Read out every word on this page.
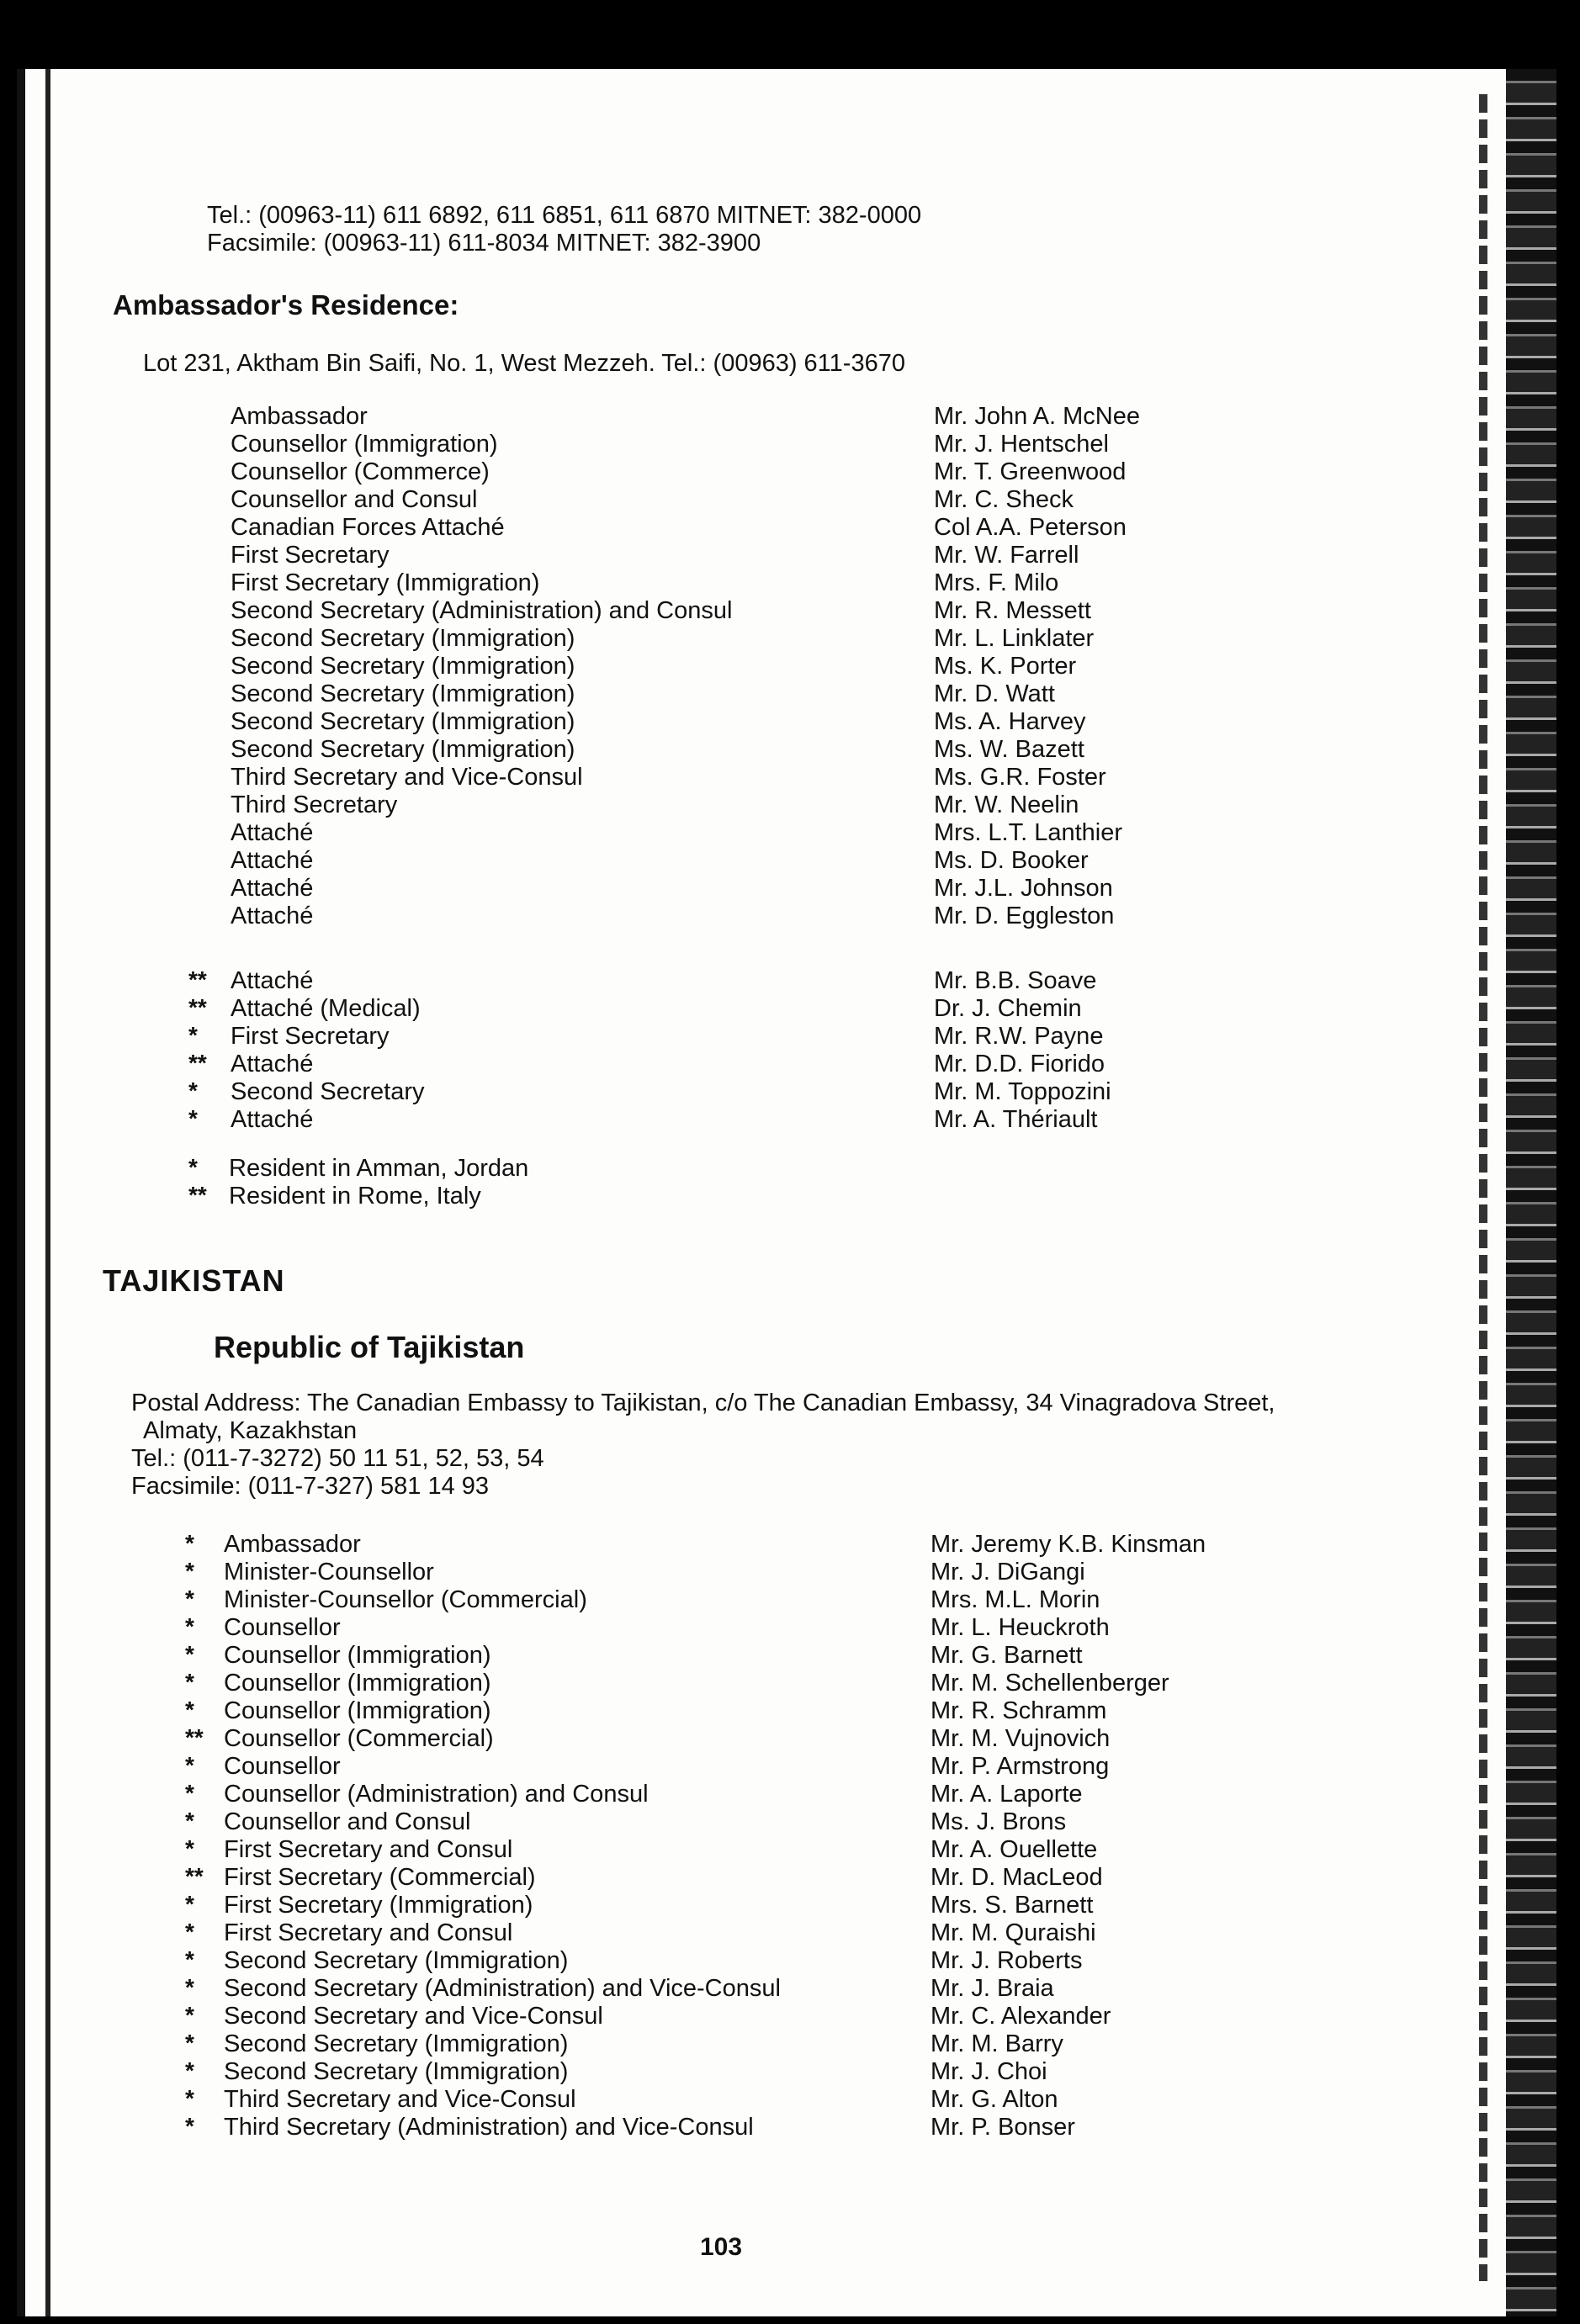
Tel.: (00963-11) 611 6892, 611 6851, 611 6870 MITNET: 382-0000
Facsimile: (00963-11) 611-8034 MITNET: 382-3900
Ambassador's Residence:
Lot 231, Aktham Bin Saifi, No. 1, West Mezzeh. Tel.: (00963) 611-3670
Ambassador	Mr. John A. McNee
Counsellor (Immigration)	Mr. J. Hentschel
Counsellor (Commerce)	Mr. T. Greenwood
Counsellor and Consul	Mr. C. Sheck
Canadian Forces Attaché	Col A.A. Peterson
First Secretary	Mr. W. Farrell
First Secretary (Immigration)	Mrs. F. Milo
Second Secretary (Administration) and Consul	Mr. R. Messett
Second Secretary (Immigration)	Mr. L. Linklater
Second Secretary (Immigration)	Ms. K. Porter
Second Secretary (Immigration)	Mr. D. Watt
Second Secretary (Immigration)	Ms. A. Harvey
Second Secretary (Immigration)	Ms. W. Bazett
Third Secretary and Vice-Consul	Ms. G.R. Foster
Third Secretary	Mr. W. Neelin
Attaché	Mrs. L.T. Lanthier
Attaché	Ms. D. Booker
Attaché	Mr. J.L. Johnson
Attaché	Mr. D. Eggleston
** Attaché	Mr. B.B. Soave
** Attaché (Medical)	Dr. J. Chemin
* First Secretary	Mr. R.W. Payne
** Attaché	Mr. D.D. Fiorido
* Second Secretary	Mr. M. Toppozini
* Attaché	Mr. A. Thériault
* Resident in Amman, Jordan
** Resident in Rome, Italy
TAJIKISTAN
Republic of Tajikistan
Postal Address: The Canadian Embassy to Tajikistan, c/o The Canadian Embassy, 34 Vinagradova Street,
Almaty, Kazakhstan
Tel.: (011-7-3272) 50 11 51, 52, 53, 54
Facsimile: (011-7-327) 581 14 93
* Ambassador	Mr. Jeremy K.B. Kinsman
* Minister-Counsellor	Mr. J. DiGangi
* Minister-Counsellor (Commercial)	Mrs. M.L. Morin
* Counsellor	Mr. L. Heuckroth
* Counsellor (Immigration)	Mr. G. Barnett
* Counsellor (Immigration)	Mr. M. Schellenberger
* Counsellor (Immigration)	Mr. R. Schramm
** Counsellor (Commercial)	Mr. M. Vujnovich
* Counsellor	Mr. P. Armstrong
* Counsellor (Administration) and Consul	Mr. A. Laporte
* Counsellor and Consul	Ms. J. Brons
* First Secretary and Consul	Mr. A. Ouellette
** First Secretary (Commercial)	Mr. D. MacLeod
* First Secretary (Immigration)	Mrs. S. Barnett
* First Secretary and Consul	Mr. M. Quraishi
* Second Secretary (Immigration)	Mr. J. Roberts
* Second Secretary (Administration) and Vice-Consul	Mr. J. Braia
* Second Secretary and Vice-Consul	Mr. C. Alexander
* Second Secretary (Immigration)	Mr. M. Barry
* Second Secretary (Immigration)	Mr. J. Choi
* Third Secretary and Vice-Consul	Mr. G. Alton
* Third Secretary (Administration) and Vice-Consul	Mr. P. Bonser
103
